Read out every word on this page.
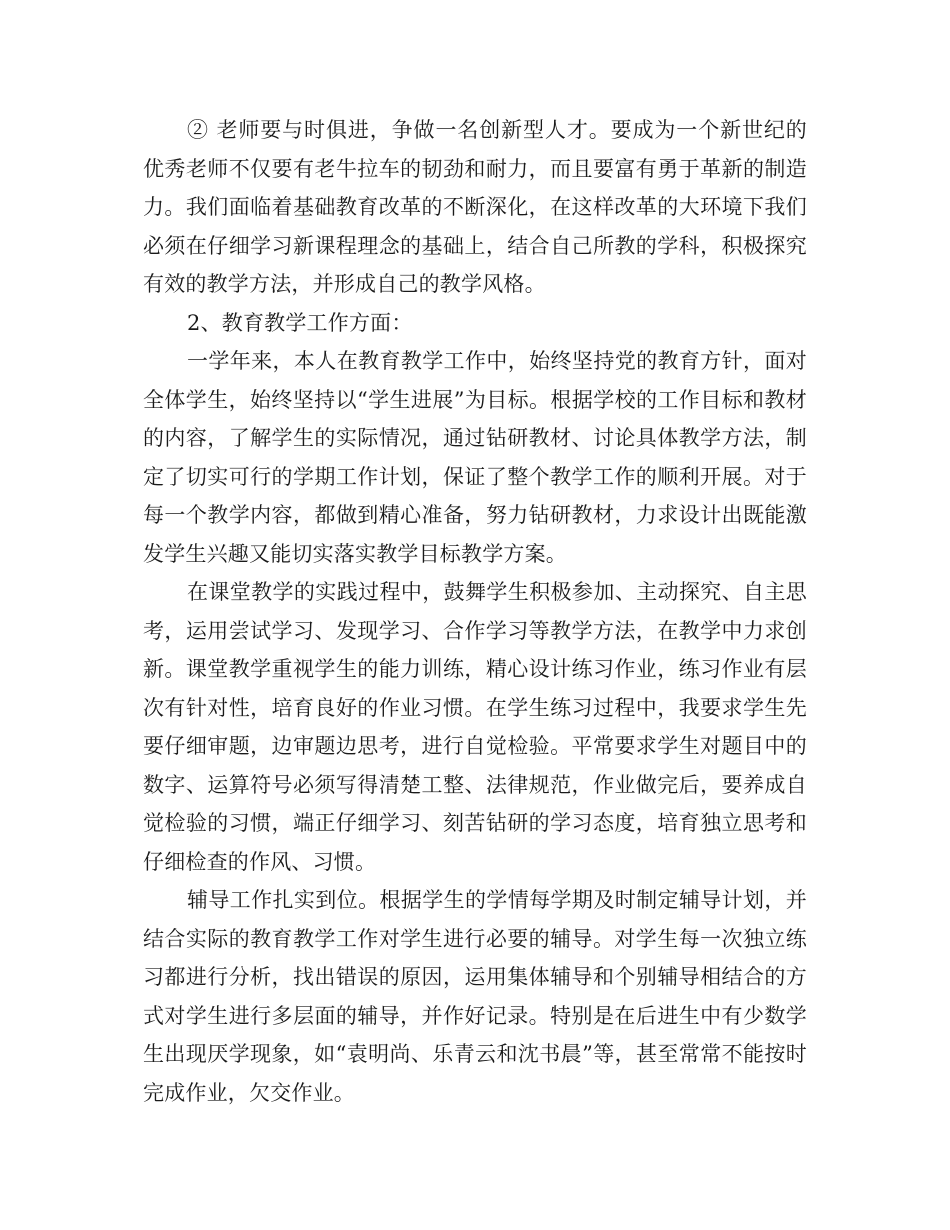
② 老师要与时俱进，争做一名创新型人才。要成为一个新世纪的优秀老师不仅要有老牛拉车的韧劲和耐力，而且要富有勇于革新的制造力。我们面临着基础教育改革的不断深化，在这样改革的大环境下我们必须在仔细学习新课程理念的基础上，结合自己所教的学科，积极探究有效的教学方法，并形成自己的教学风格。

2、教育教学工作方面：

一学年来，本人在教育教学工作中，始终坚持党的教育方针，面对全体学生，始终坚持以“学生进展”为目标。根据学校的工作目标和教材的内容，了解学生的实际情况，通过钻研教材、讨论具体教学方法，制定了切实可行的学期工作计划，保证了整个教学工作的顺利开展。对于每一个教学内容，都做到精心准备，努力钻研教材，力求设计出既能激发学生兴趣又能切实落实教学目标教学方案。

在课堂教学的实践过程中，鼓舞学生积极参加、主动探究、自主思考，运用尝试学习、发现学习、合作学习等教学方法，在教学中力求创新。课堂教学重视学生的能力训练，精心设计练习作业，练习作业有层次有针对性，培育良好的作业习惯。在学生练习过程中，我要求学生先要仔细审题，边审题边思考，进行自觉检验。平常要求学生对题目中的数字、运算符号必须写得清楚工整、法律规范，作业做完后，要养成自觉检验的习惯，端正仔细学习、刻苦钻研的学习态度，培育独立思考和仔细检查的作风、习惯。

辅导工作扎实到位。根据学生的学情每学期及时制定辅导计划，并结合实际的教育教学工作对学生进行必要的辅导。对学生每一次独立练习都进行分析，找出错误的原因，运用集体辅导和个别辅导相结合的方式对学生进行多层面的辅导，并作好记录。特别是在后进生中有少数学生出现厌学现象，如“袁明尚、乐青云和沈书晨”等，甚至常常不能按时完成作业，欠交作业。
